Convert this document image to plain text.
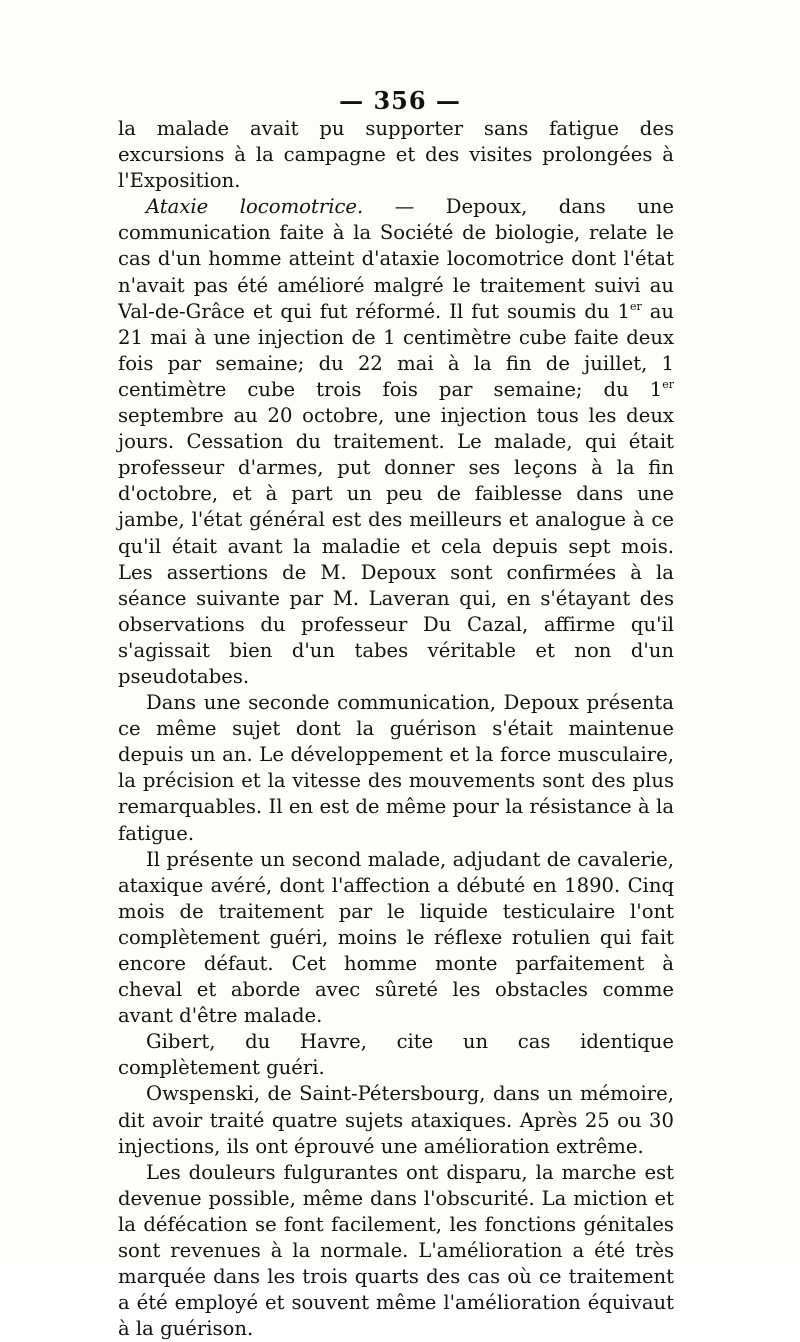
— 356 —

la malade avait pu supporter sans fatigue des excursions à la campagne et des visites prolongées à l'Exposition.

Ataxie locomotrice. — Depoux, dans une communication faite à la Société de biologie, relate le cas d'un homme atteint d'ataxie locomotrice dont l'état n'avait pas été amélioré malgré le traitement suivi au Val-de-Grâce et qui fut réformé. Il fut soumis du 1er au 21 mai à une injection de 1 centimètre cube faite deux fois par semaine; du 22 mai à la fin de juillet, 1 centimètre cube trois fois par semaine; du 1er septembre au 20 octobre, une injection tous les deux jours. Cessation du traitement. Le malade, qui était professeur d'armes, put donner ses leçons à la fin d'octobre, et à part un peu de faiblesse dans une jambe, l'état général est des meilleurs et analogue à ce qu'il était avant la maladie et cela depuis sept mois. Les assertions de M. Depoux sont confirmées à la séance suivante par M. Laveran qui, en s'étayant des observations du professeur Du Cazal, affirme qu'il s'agissait bien d'un tabes véritable et non d'un pseudotabes.

Dans une seconde communication, Depoux présenta ce même sujet dont la guérison s'était maintenue depuis un an. Le développement et la force musculaire, la précision et la vitesse des mouvements sont des plus remarquables. Il en est de même pour la résistance à la fatigue.

Il présente un second malade, adjudant de cavalerie, ataxique avéré, dont l'affection a débuté en 1890. Cinq mois de traitement par le liquide testiculaire l'ont complètement guéri, moins le réflexe rotulien qui fait encore défaut. Cet homme monte parfaitement à cheval et aborde avec sûreté les obstacles comme avant d'être malade.

Gibert, du Havre, cite un cas identique complètement guéri.

Owspenski, de Saint-Pétersbourg, dans un mémoire, dit avoir traité quatre sujets ataxiques. Après 25 ou 30 injections, ils ont éprouvé une amélioration extrême.

Les douleurs fulgurantes ont disparu, la marche est devenue possible, même dans l'obscurité. La miction et la défécation se font facilement, les fonctions génitales sont revenues à la normale. L'amélioration a été très marquée dans les trois quarts des cas où ce traitement a été employé et souvent même l'amélioration équivaut à la guérison.
